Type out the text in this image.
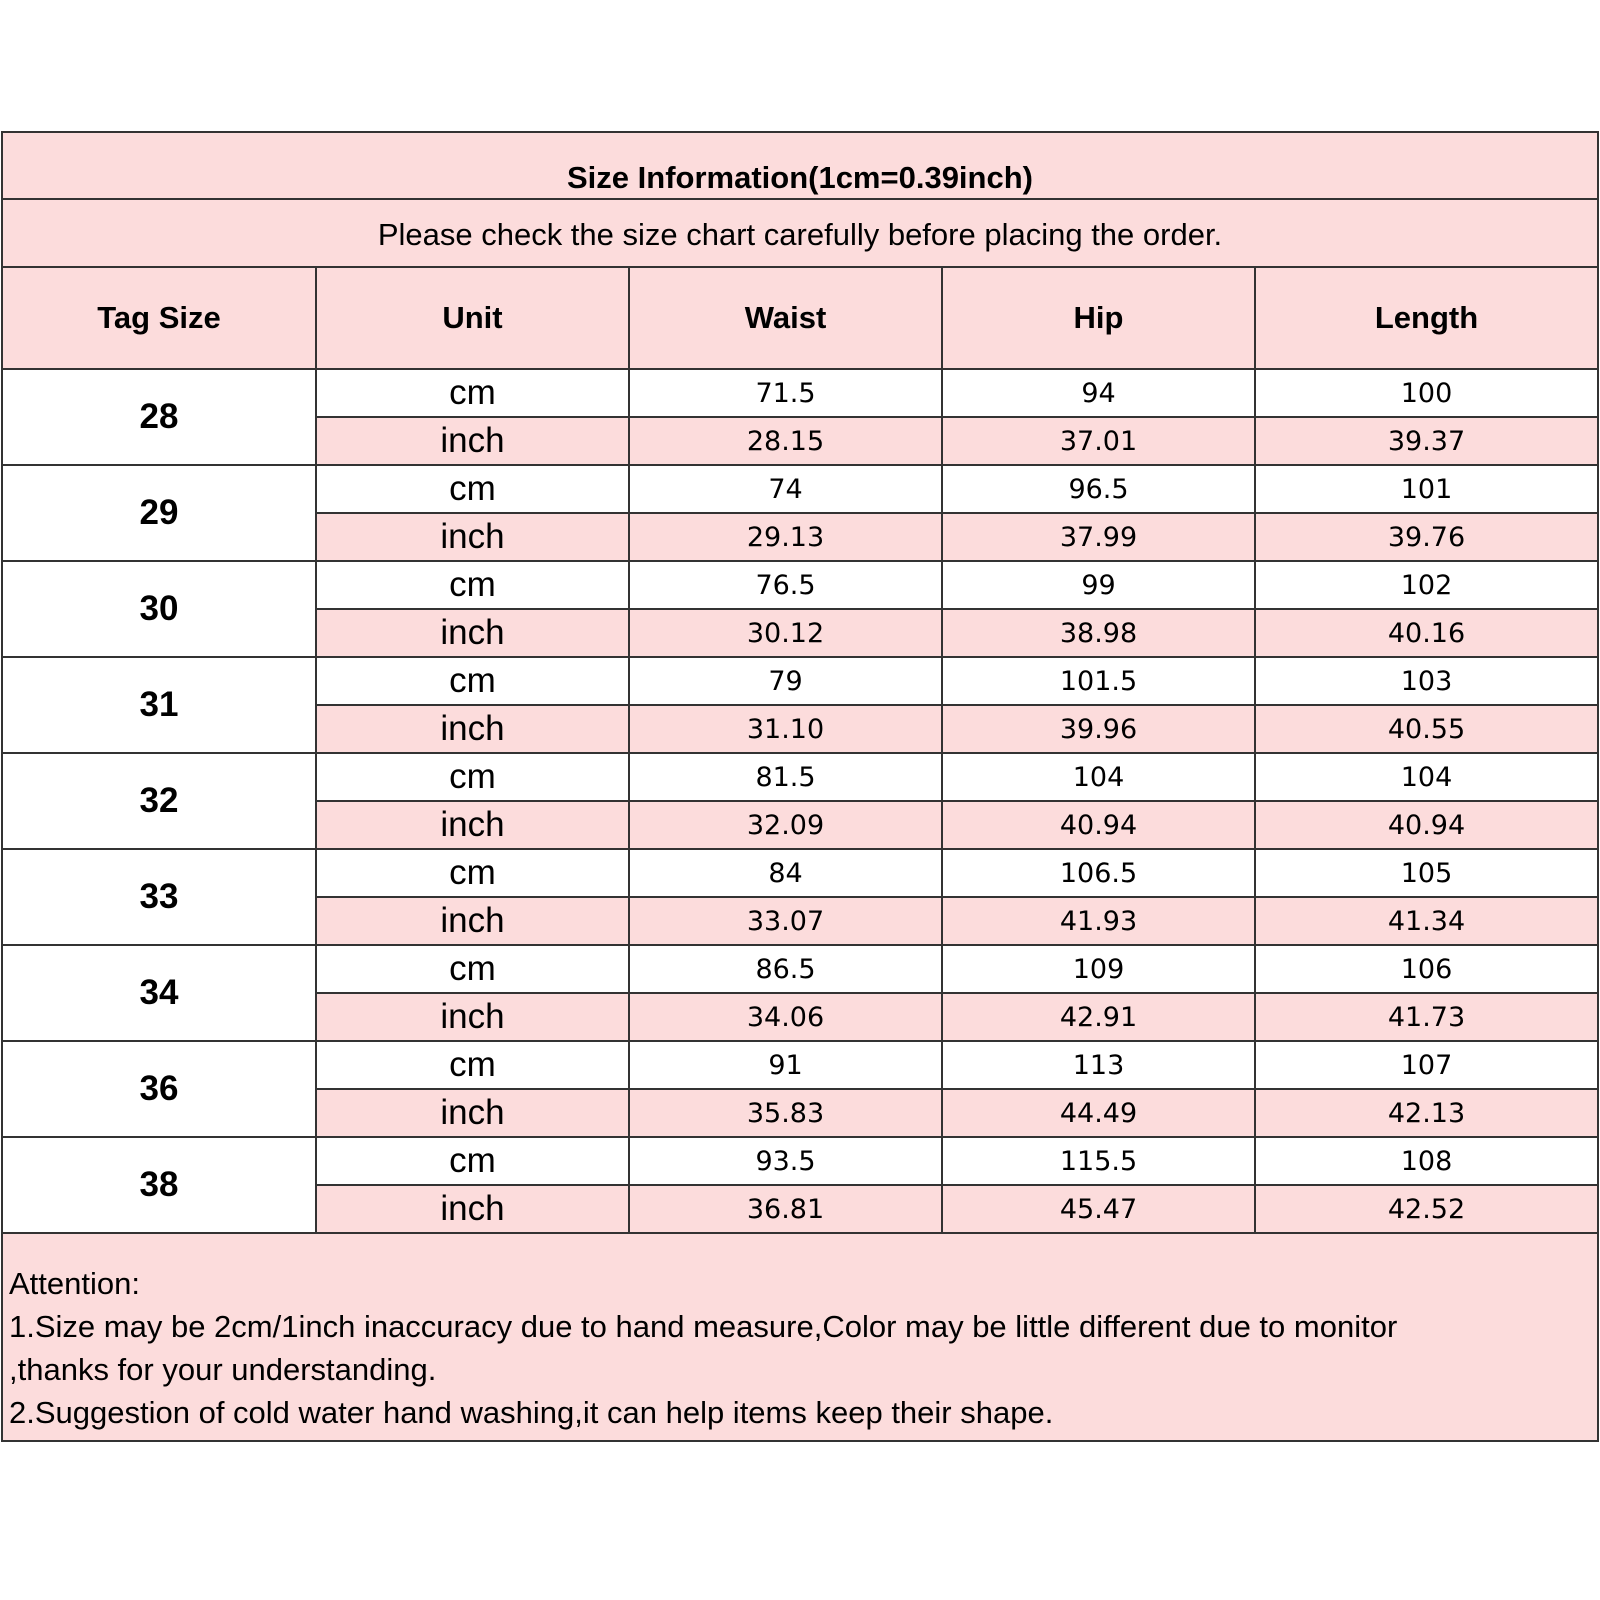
Size Information(1cm=0.39inch)
Please check the size chart carefully before placing the order.
Tag Size	Unit	Waist	Hip	Length
28	cm	71.5	94	100
	inch	28.15	37.01	39.37
29	cm	74	96.5	101
	inch	29.13	37.99	39.76
30	cm	76.5	99	102
	inch	30.12	38.98	40.16
31	cm	79	101.5	103
	inch	31.10	39.96	40.55
32	cm	81.5	104	104
	inch	32.09	40.94	40.94
33	cm	84	106.5	105
	inch	33.07	41.93	41.34
34	cm	86.5	109	106
	inch	34.06	42.91	41.73
36	cm	91	113	107
	inch	35.83	44.49	42.13
38	cm	93.5	115.5	108
	inch	36.81	45.47	42.52
Attention:
1.Size may be 2cm/1inch inaccuracy due to hand measure,Color may be little different due to monitor
,thanks for your understanding.
2.Suggestion of cold water hand washing,it can help items keep their shape.
